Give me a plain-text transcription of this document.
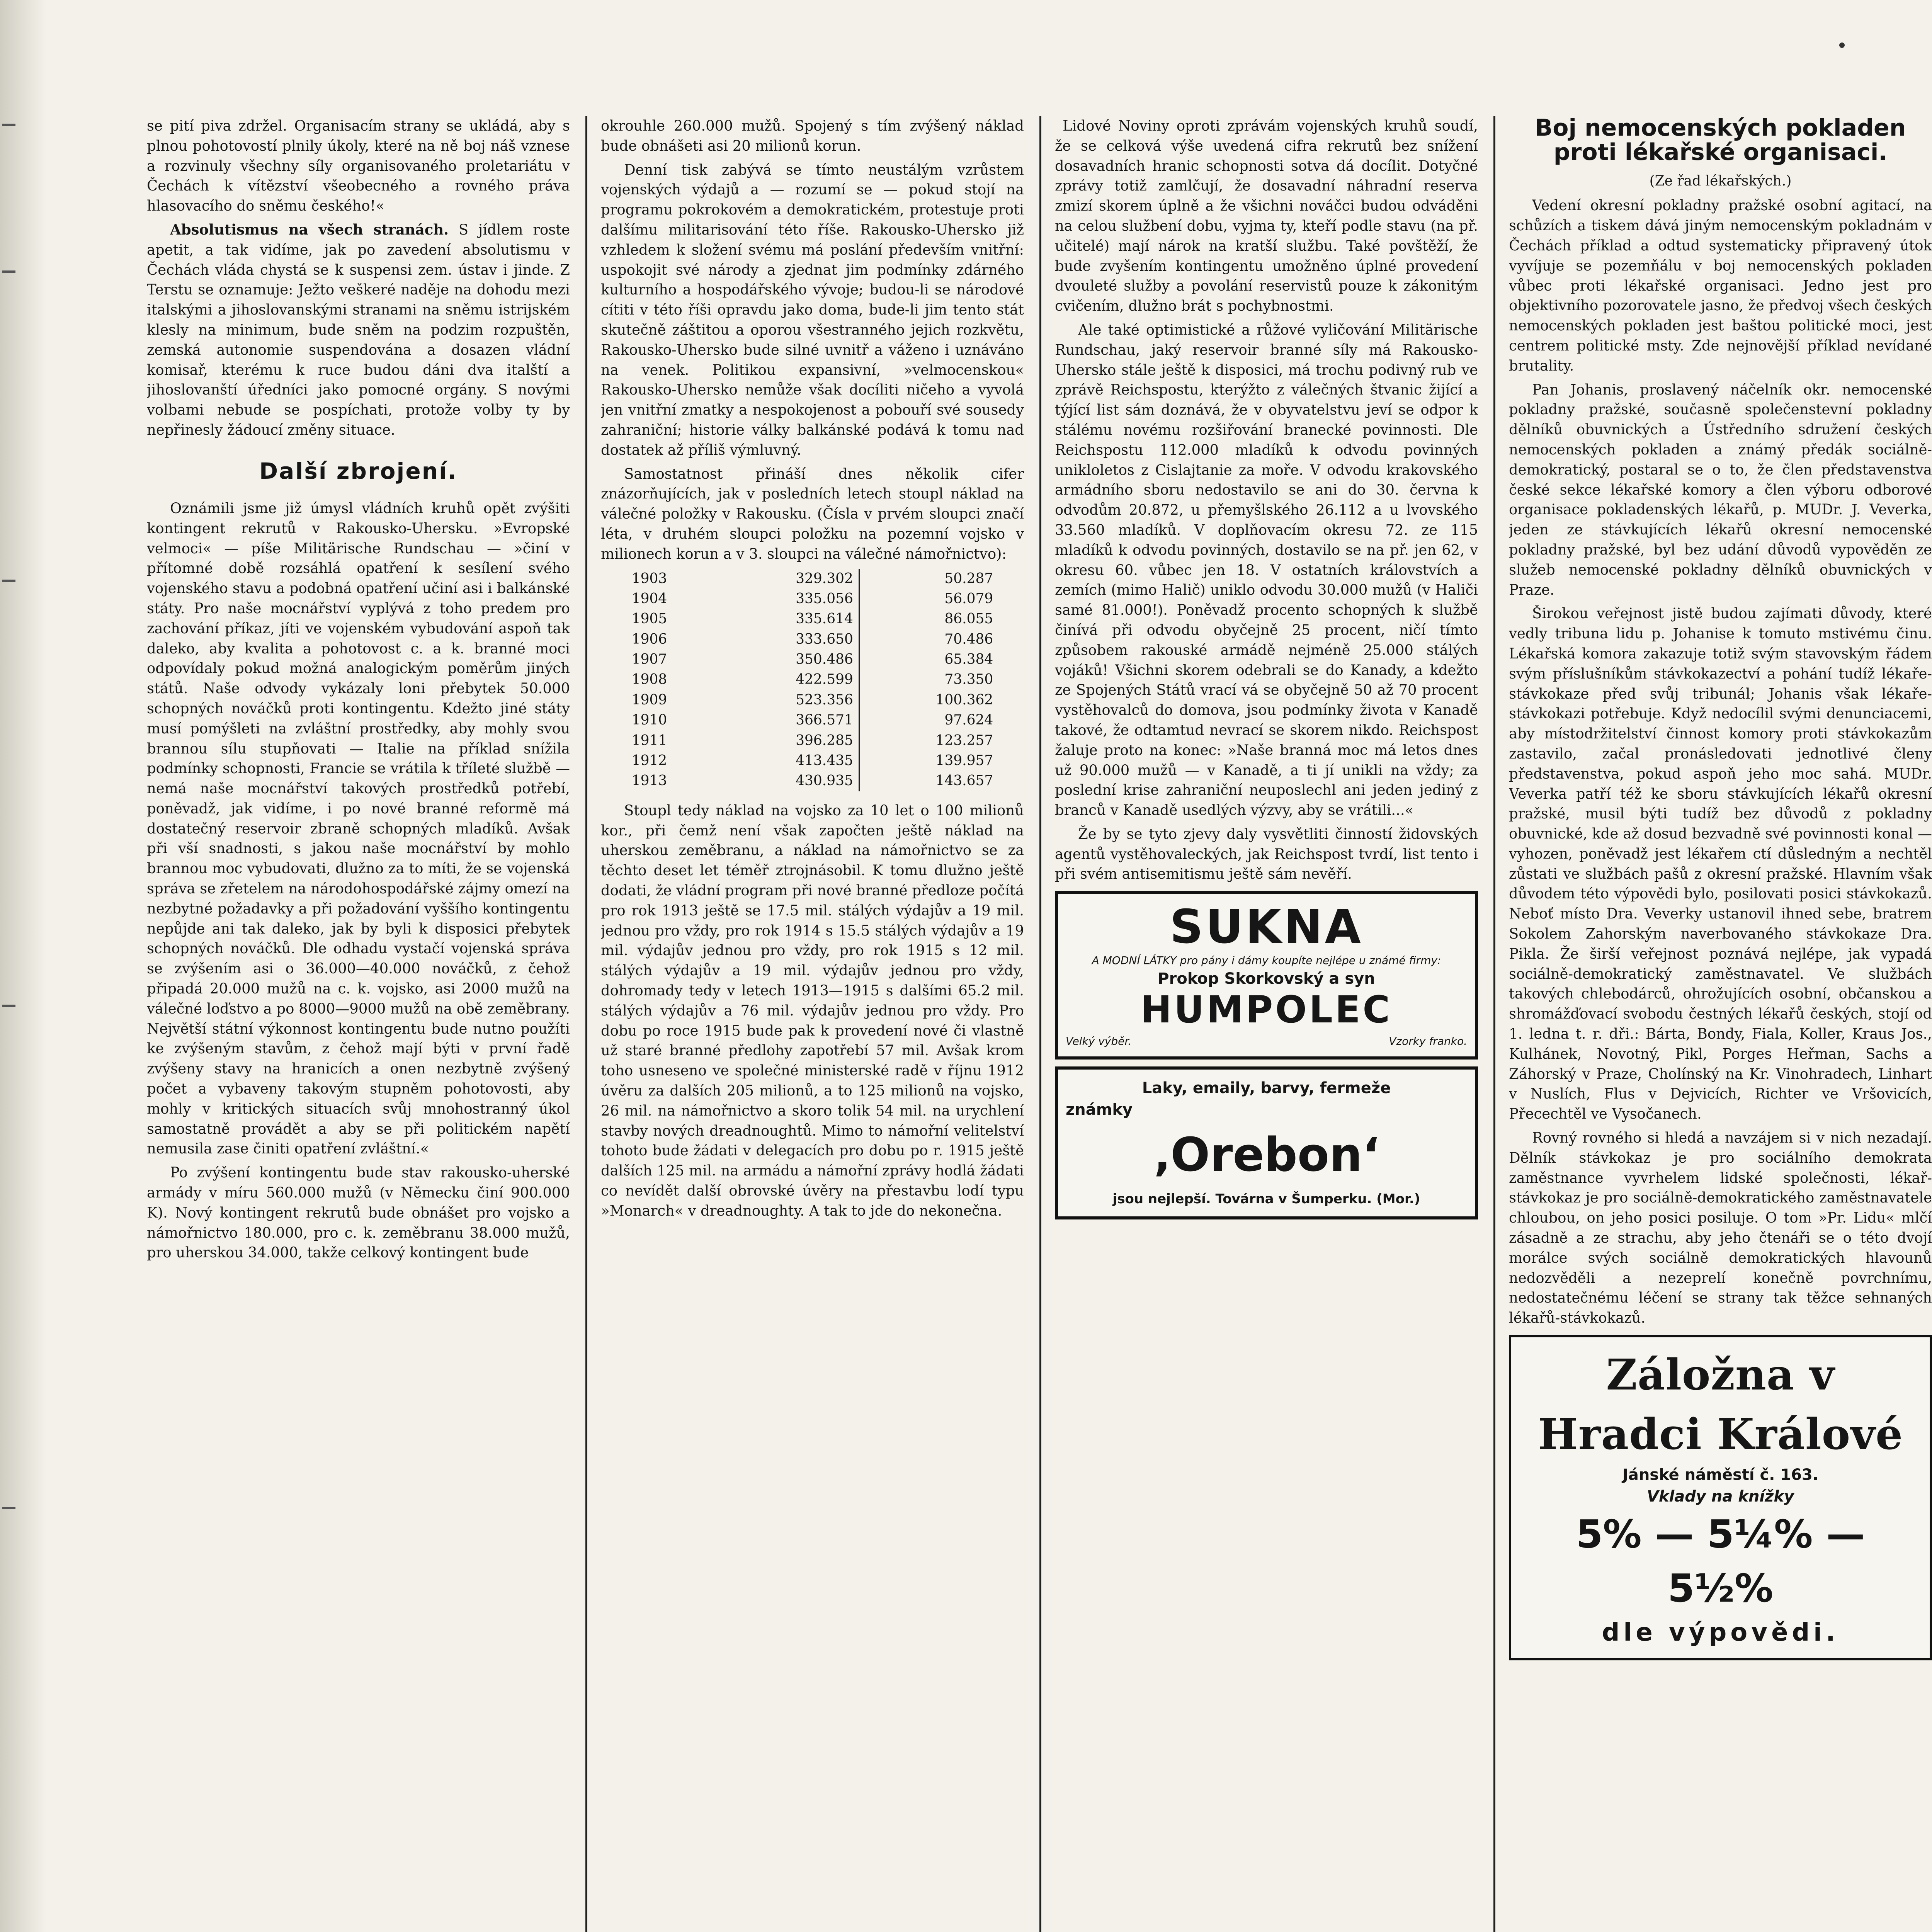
se pití piva zdržel. Organisacím strany se ukládá, aby s plnou pohotovostí plnily úkoly, které na ně boj náš vznese a rozvinuly všechny síly organisovaného proletariátu v Čechách k vítězství všeobecného a rovného práva hlasovacího do sněmu českého!«

Absolutismus na všech stranách. S jídlem roste apetit, a tak vidíme, jak po zavedení absolutismu v Čechách vláda chystá se k suspensi zem. ústav i jinde. Z Terstu se oznamuje: Ježto veškeré naděje na dohodu mezi italskými a jihoslovanskými stranami na sněmu istrijském klesly na minimum, bude sněm na podzim rozpuštěn, zemská autonomie suspendována a dosazen vládní komisař, kterému k ruce budou dáni dva italští a jihoslovanští úředníci jako pomocné orgány. S novými volbami nebude se pospíchati, protože volby ty by nepřinesly žádoucí změny situace.

Další zbrojení.

Oznámili jsme již úmysl vládních kruhů opět zvýšiti kontingent rekrutů v Rakousko-Uhersku. »Evropské velmoci« — píše Militärische Rundschau — »činí v přítomné době rozsáhlá opatření k sesílení svého vojenského stavu a podobná opatření učiní asi i balkánské státy. Pro naše mocnářství vyplývá z toho predem pro zachování příkaz, jíti ve vojenském vybudování aspoň tak daleko, aby kvalita a pohotovost c. a k. branné moci odpovídaly pokud možná analogickým poměrům jiných států. Naše odvody vykázaly loni přebytek 50.000 schopných nováčků proti kontingentu. Kdežto jiné státy musí pomýšleti na zvláštní prostředky, aby mohly svou brannou sílu stupňovati — Italie na příklad snížila podmínky schopnosti, Francie se vrátila k tříleté službě — nemá naše mocnářství takových prostředků potřebí, poněvadž, jak vidíme, i po nové branné reformě má dostatečný reservoir zbraně schopných mladíků. Avšak při vší snadnosti, s jakou naše mocnářství by mohlo brannou moc vybudovati, dlužno za to míti, že se vojenská správa se zřetelem na národohospodářské zájmy omezí na nezbytné požadavky a při požadování vyššího kontingentu nepůjde ani tak daleko, jak by byli k disposici přebytek schopných nováčků. Dle odhadu vystačí vojenská správa se zvýšením asi o 36.000—40.000 nováčků, z čehož připadá 20.000 mužů na c. k. vojsko, asi 2000 mužů na válečné loďstvo a po 8000—9000 mužů na obě zeměbrany. Největší státní výkonnost kontingentu bude nutno použíti ke zvýšeným stavům, z čehož mají býti v první řadě zvýšeny stavy na hranicích a onen nezbytně zvýšený počet a vybaveny takovým stupněm pohotovosti, aby mohly v kritických situacích svůj mnohostranný úkol samostatně provádět a aby se při politickém napětí nemusila zase činiti opatření zvláštní.«

Po zvýšení kontingentu bude stav rakousko-uherské armády v míru 560.000 mužů (v Německu činí 900.000 K). Nový kontingent rekrutů bude obnášet pro vojsko a námořnictvo 180.000, pro c. k. zeměbranu 38.000 mužů, pro uherskou 34.000, takže celkový kontingent bude

okrouhle 260.000 mužů. Spojený s tím zvýšený náklad bude obnášeti asi 20 milionů korun.

Denní tisk zabývá se tímto neustálým vzrůstem vojenských výdajů a — rozumí se — pokud stojí na programu pokrokovém a demokratickém, protestuje proti dalšímu militarisování této říše. Rakousko-Uhersko již vzhledem k složení svému má poslání především vnitřní: uspokojit své národy a zjednat jim podmínky zdárného kulturního a hospodářského vývoje; budou-li se národové cítiti v této říši opravdu jako doma, bude-li jim tento stát skutečně záštitou a oporou všestranného jejich rozkvětu, Rakousko-Uhersko bude silné uvnitř a váženo i uznáváno na venek. Politikou expansivní, »velmocenskou« Rakousko-Uhersko nemůže však docíliti ničeho a vyvolá jen vnitřní zmatky a nespokojenost a pobouří své sousedy zahraniční; historie války balkánské podává k tomu nad dostatek až příliš výmluvný.

Samostatnost přináší dnes několik cifer znázorňujících, jak v posledních letech stoupl náklad na válečné položky v Rakousku. (Čísla v prvém sloupci značí léta, v druhém sloupci položku na pozemní vojsko v milionech korun a v 3. sloupci na válečné námořnictvo):

1903	329.302	50.287
1904	335.056	56.079
1905	335.614	86.055
1906	333.650	70.486
1907	350.486	65.384
1908	422.599	73.350
1909	523.356	100.362
1910	366.571	97.624
1911	396.285	123.257
1912	413.435	139.957
1913	430.935	143.657

Stoupl tedy náklad na vojsko za 10 let o 100 milionů kor., při čemž není však započten ještě náklad na uherskou zeměbranu, a náklad na námořnictvo se za těchto deset let téměř ztrojnásobil. K tomu dlužno ještě dodati, že vládní program při nové branné předloze počítá pro rok 1913 ještě se 17.5 mil. stálých výdajův a 19 mil. jednou pro vždy, pro rok 1914 s 15.5 stálých výdajův a 19 mil. výdajův jednou pro vždy, pro rok 1915 s 12 mil. stálých výdajův a 19 mil. výdajův jednou pro vždy, dohromady tedy v letech 1913—1915 s dalšími 65.2 mil. stálých výdajův a 76 mil. výdajův jednou pro vždy. Pro dobu po roce 1915 bude pak k provedení nové či vlastně už staré branné předlohy zapotřebí 57 mil. Avšak krom toho usneseno ve společné ministerské radě v říjnu 1912 úvěru za dalších 205 milionů, a to 125 milionů na vojsko, 26 mil. na námořnictvo a skoro tolik 54 mil. na urychlení stavby nových dreadnoughtů. Mimo to námořní velitelství tohoto bude žádati v delegacích pro dobu po r. 1915 ještě dalších 125 mil. na armádu a námořní zprávy hodlá žádati co nevídět další obrovské úvěry na přestavbu lodí typu »Monarch« v dreadnoughty. A tak to jde do nekonečna.

Lidové Noviny oproti zprávám vojenských kruhů soudí, že se celková výše uvedená cifra rekrutů bez snížení dosavadních hranic schopnosti sotva dá docílit. Dotyčné zprávy totiž zamlčují, že dosavadní náhradní reserva zmizí skorem úplně a že všichni nováčci budou odváděni na celou službení dobu, vyjma ty, kteří podle stavu (na př. učitelé) mají nárok na kratší službu. Také povštěží, že bude zvyšením kontingentu umožněno úplné provedení dvouleté služby a povolání reservistů pouze k zákonitým cvičením, dlužno brát s pochybnostmi.

Ale také optimistické a růžové vyličování Militärische Rundschau, jaký reservoir branné síly má Rakousko-Uhersko stále ještě k disposici, má trochu podivný rub ve zprávě Reichspostu, kterýžto z válečných štvanic žijící a týjící list sám doznává, že v obyvatelstvu jeví se odpor k stálému novému rozšiřování branecké povinnosti. Dle Reichspostu 112.000 mladíků k odvodu povinných unikloletos z Cislajtanie za moře. V odvodu krakovského armádního sboru nedostavilo se ani do 30. června k odvodům 20.872, u přemyšlského 26.112 a u lvovského 33.560 mladíků. V doplňovacím okresu 72. ze 115 mladíků k odvodu povinných, dostavilo se na př. jen 62, v okresu 60. vůbec jen 18. V ostatních královstvích a zemích (mimo Halič) uniklo odvodu 30.000 mužů (v Haliči samé 81.000!). Poněvadž procento schopných k službě činívá při odvodu obyčejně 25 procent, ničí tímto způsobem rakouské armádě nejméně 25.000 stálých vojáků! Všichni skorem odebrali se do Kanady, a kdežto ze Spojených Států vrací vá se obyčejně 50 až 70 procent vystěhovalců do domova, jsou podmínky života v Kanadě takové, že odtamtud nevrací se skorem nikdo. Reichspost žaluje proto na konec: »Naše branná moc má letos dnes už 90.000 mužů — v Kanadě, a ti jí unikli na vždy; za poslední krise zahraniční neuposlechl ani jeden jediný z branců v Kanadě usedlých výzvy, aby se vrátili...«

Že by se tyto zjevy daly vysvětliti činností židovských agentů vystěhovaleckých, jak Reichspost tvrdí, list tento i při svém antisemitismu ještě sám nevěří.

SUKNA
A MODNÍ LÁTKY pro pány i dámy koupíte nejlépe u známé firmy:
Prokop Skorkovský a syn
HUMPOLEC
Velký výběr.	Vzorky franko.
Laky, emaily, barvy, fermeže
známky
‚Orebon‘
jsou nejlepší. Továrna v Šumperku. (Mor.)
Boj nemocenských pokladen proti lékařské organisaci.
(Ze řad lékařských.)

Vedení okresní pokladny pražské osobní agitací, na schůzích a tiskem dává jiným nemocenským pokladnám v Čechách příklad a odtud systematicky připravený útok vyvíjuje se pozemňálu v boj nemocenských pokladen vůbec proti lékařské organisaci. Jedno jest pro objektivního pozorovatele jasno, že předvoj všech českých nemocenských pokladen jest baštou politické moci, jest centrem politické msty. Zde nejnovější příklad nevídané brutality.

Pan Johanis, proslavený náčelník okr. nemocenské pokladny pražské, současně společenstevní pokladny dělníků obuvnických a Ústředního sdružení českých nemocenských pokladen a známý předák sociálně-demokratický, postaral se o to, že člen představenstva české sekce lékařské komory a člen výboru odborové organisace pokladenských lékařů, p. MUDr. J. Veverka, jeden ze stávkujících lékařů okresní nemocenské pokladny pražské, byl bez udání důvodů vypověděn ze služeb nemocenské pokladny dělníků obuvnických v Praze.

Širokou veřejnost jistě budou zajímati důvody, které vedly tribuna lidu p. Johanise k tomuto mstivému činu. Lékařská komora zakazuje totiž svým stavovským řádem svým příslušníkům stávkokazectví a pohání tudíž lékaře-stávkokaze před svůj tribunál; Johanis však lékaře-stávkokazi potřebuje. Když nedocílil svými denunciacemi, aby místodržitelství činnost komory proti stávkokazům zastavilo, začal pronásledovati jednotlivé členy představenstva, pokud aspoň jeho moc sahá. MUDr. Veverka patří též ke sboru stávkujících lékařů okresní pražské, musil býti tudíž bez důvodů z pokladny obuvnické, kde až dosud bezvadně své povinnosti konal — vyhozen, poněvadž jest lékařem ctí důsledným a nechtěl zůstati ve službách pašů z okresní pražské. Hlavním však důvodem této výpovědi bylo, posilovati posici stávkokazů. Neboť místo Dra. Veverky ustanovil ihned sebe, bratrem Sokolem Zahorským naverbovaného stávkokaze Dra. Pikla. Že širší veřejnost poznává nejlépe, jak vypadá sociálně-demokratický zaměstnavatel. Ve službách takových chlebodárců, ohrožujících osobní, občanskou a shromážďovací svobodu čestných lékařů českých, stojí od 1. ledna t. r. dři.: Bárta, Bondy, Fiala, Koller, Kraus Jos., Kulhánek, Novotný, Pikl, Porges Heřman, Sachs a Záhorský v Praze, Cholínský na Kr. Vinohradech, Linhart v Nuslích, Flus v Dejvicích, Richter ve Vršovicích, Přecechtěl ve Vysočanech.

Rovný rovného si hledá a navzájem si v nich nezadají. Dělník stávkokaz je pro sociálního demokrata zaměstnance vyvrhelem lidské společnosti, lékař-stávkokaz je pro sociálně-demokratického zaměstnavatele chloubou, on jeho posici posiluje. O tom »Pr. Lidu« mlčí zásadně a ze strachu, aby jeho čtenáři se o této dvojí morálce svých sociálně demokratických hlavounů nedozvěděli a nezeprelí konečně povrchnímu, nedostatečnému léčení se strany tak těžce sehnaných lékařů-stávkokazů.

Záložna v Hradci Králové
Jánské náměstí č. 163.
Vklady na knížky
5% — 5¼% — 5½%
dle výpovědi.
